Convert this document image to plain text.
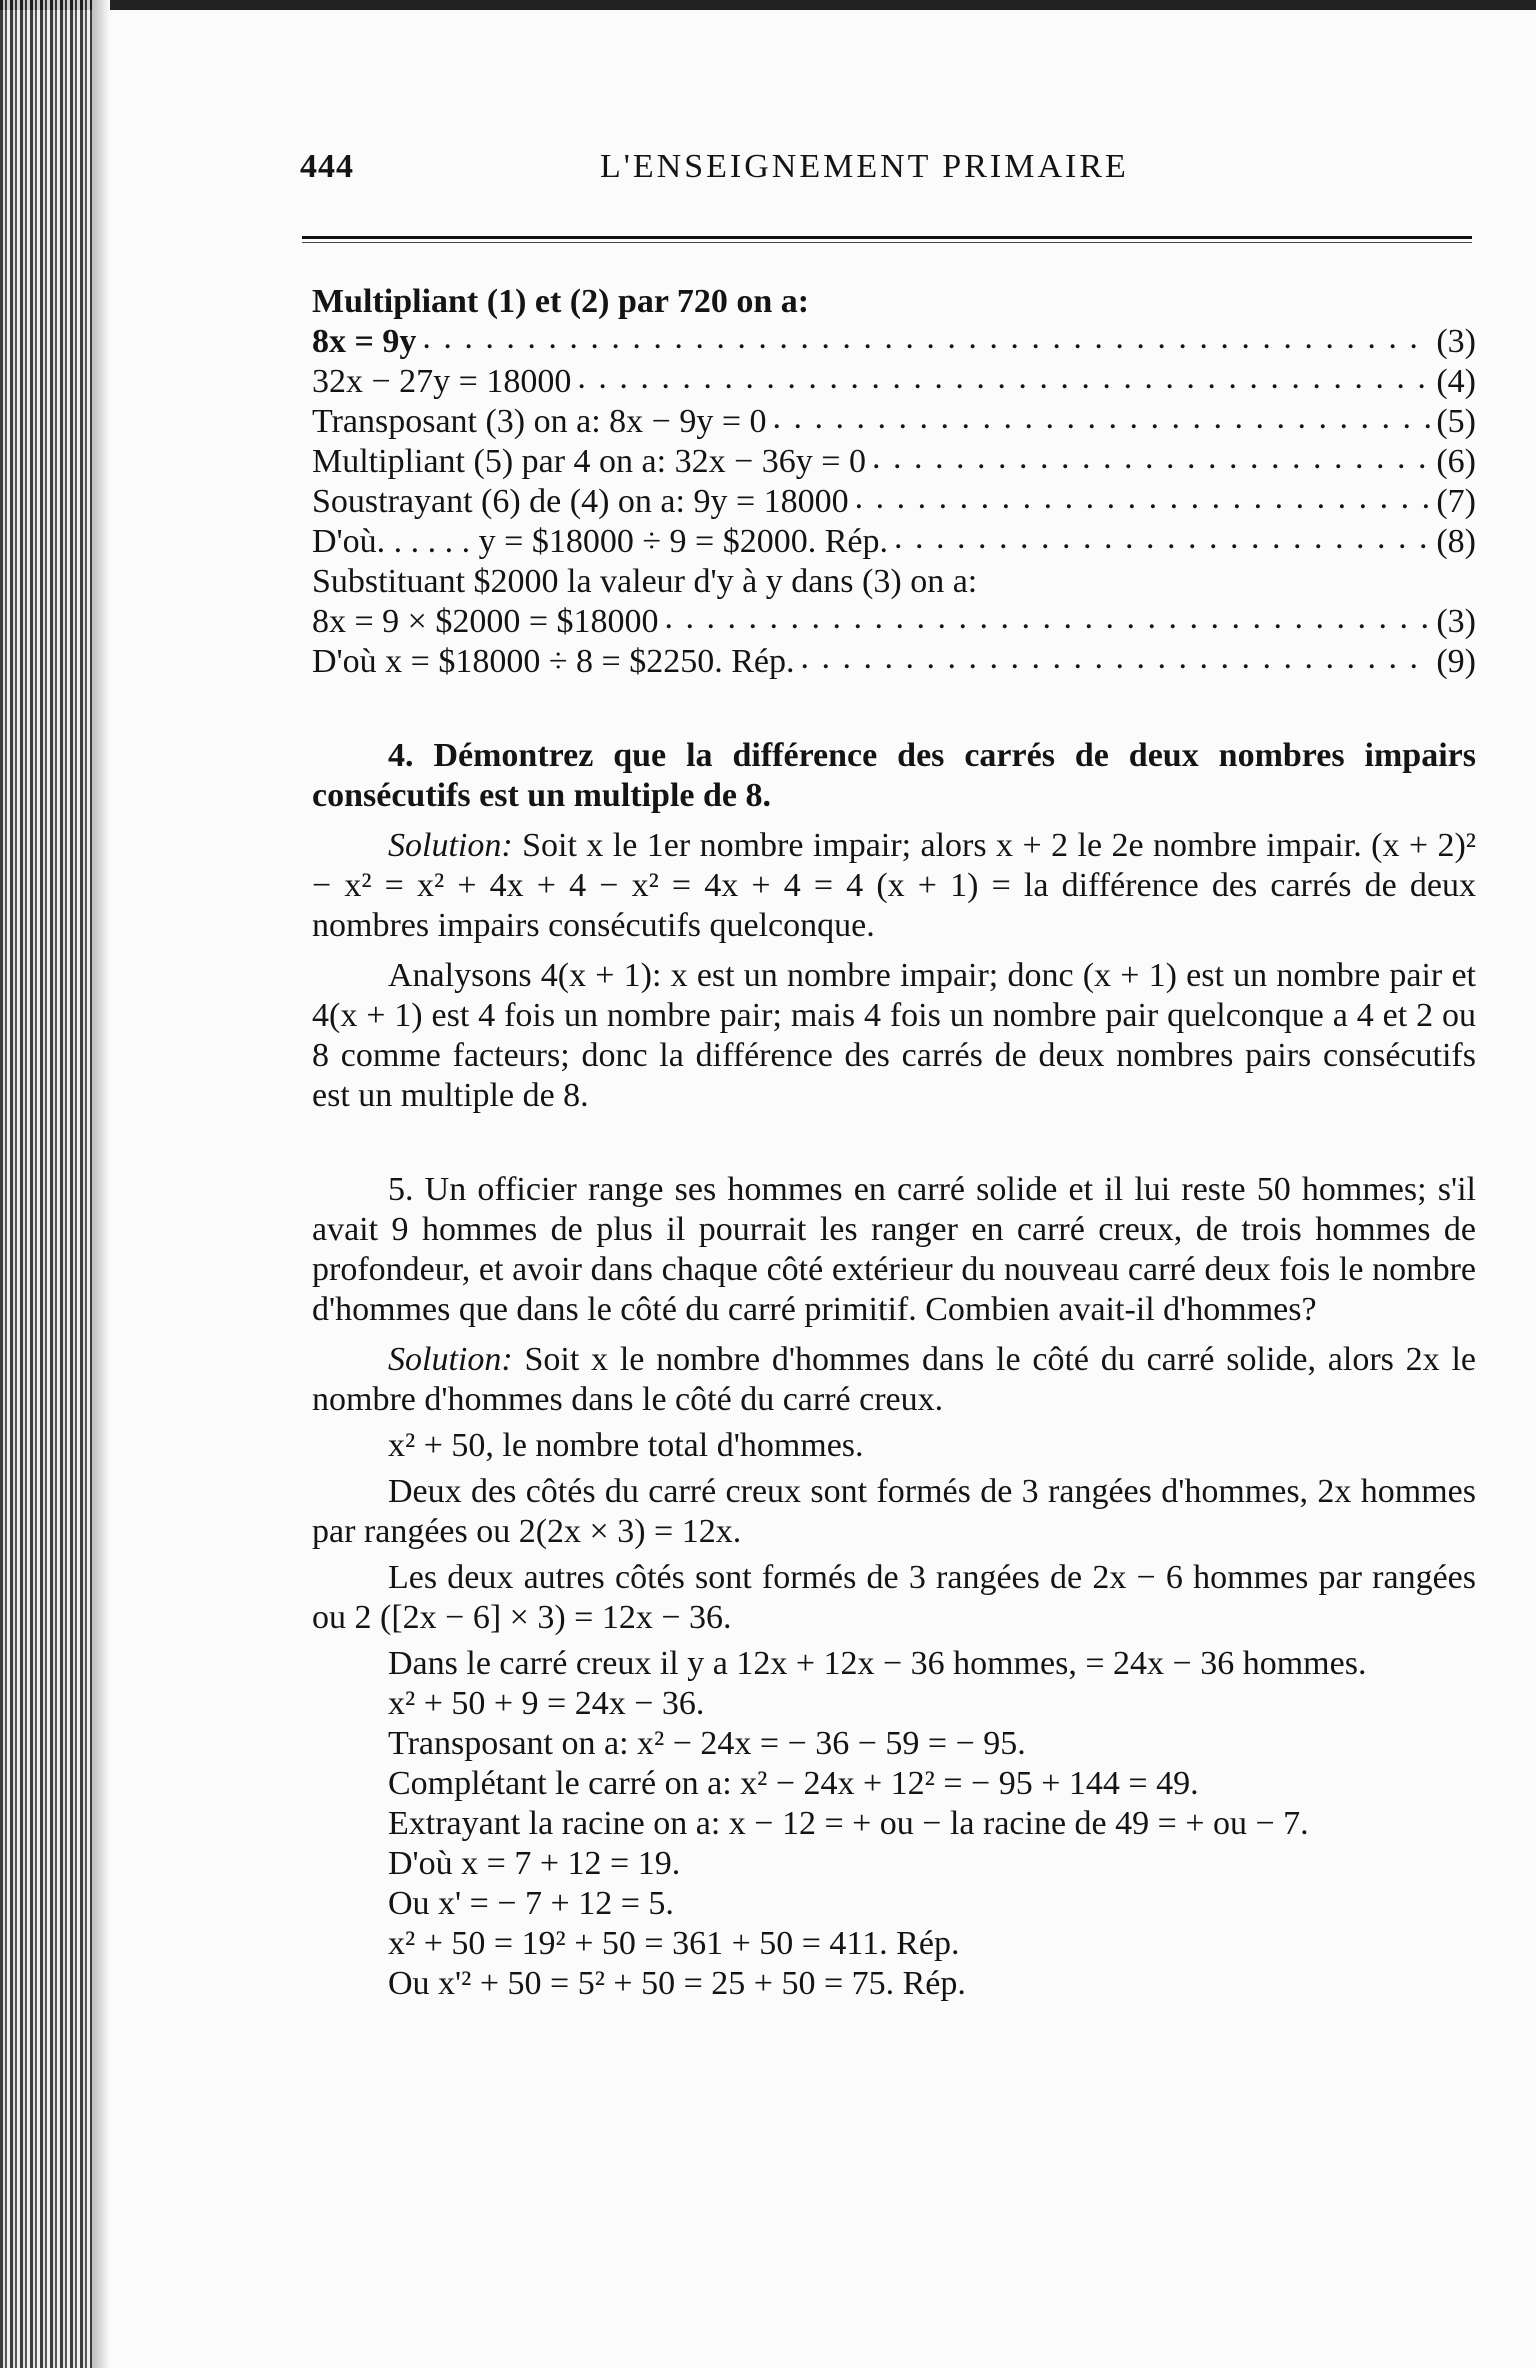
444	L'ENSEIGNEMENT PRIMAIRE
Multipliant (1) et (2) par 720 on a:
8x = 9y . . .	(3)
32x − 27y = 18000 . . .	(4)
Transposant (3) on a: 8x − 9y = 0 . . .	(5)
Multipliant (5) par 4 on a: 32x − 36y = 0 . . .	(6)
Soustrayant (6) de (4) on a: 9y = 18000 . . .	(7)
D'où. . . . . . y = $18000 ÷ 9 = $2000. Rép. . . .	(8)
Substituant $2000 la valeur d'y à y dans (3) on a:
8x = 9 × $2000 = $18000 . . .	(3)
D'où x = $18000 ÷ 8 = $2250. Rép. . . .	(9)

4. Démontrez que la différence des carrés de deux nombres impairs consécutifs est un multiple de 8.

Solution: Soit x le 1er nombre impair; alors x + 2 le 2e nombre impair. (x + 2)² − x² = x² + 4x + 4 − x² = 4x + 4 = 4 (x + 1) = la différence des carrés de deux nombres impairs consécutifs quelconque.

Analysons 4(x + 1): x est un nombre impair; donc (x + 1) est un nombre pair et 4(x + 1) est 4 fois un nombre pair; mais 4 fois un nombre pair quelconque a 4 et 2 ou 8 comme facteurs; donc la différence des carrés de deux nombres pairs consécutifs est un multiple de 8.

5. Un officier range ses hommes en carré solide et il lui reste 50 hommes; s'il avait 9 hommes de plus il pourrait les ranger en carré creux, de trois hommes de profondeur, et avoir dans chaque côté extérieur du nouveau carré deux fois le nombre d'hommes que dans le côté du carré primitif. Combien avait-il d'hommes?

Solution: Soit x le nombre d'hommes dans le côté du carré solide, alors 2x le nombre d'hommes dans le côté du carré creux.

x² + 50, le nombre total d'hommes.

Deux des côtés du carré creux sont formés de 3 rangées d'hommes, 2x hommes par rangées ou 2(2x × 3) = 12x.

Les deux autres côtés sont formés de 3 rangées de 2x − 6 hommes par rangées ou 2 ([2x − 6] × 3) = 12x − 36.

Dans le carré creux il y a 12x + 12x − 36 hommes, = 24x − 36 hommes.

x² + 50 + 9 = 24x − 36.
Transposant on a: x² − 24x = − 36 − 59 = − 95.
Complétant le carré on a: x² − 24x + 12² = − 95 + 144 = 49.
Extrayant la racine on a: x − 12 = + ou − la racine de 49 = + ou − 7.
D'où x = 7 + 12 = 19.
Ou x' = − 7 + 12 = 5.
x² + 50 = 19² + 50 = 361 + 50 = 411. Rép.
Ou x'² + 50 = 5² + 50 = 25 + 50 = 75. Rép.
